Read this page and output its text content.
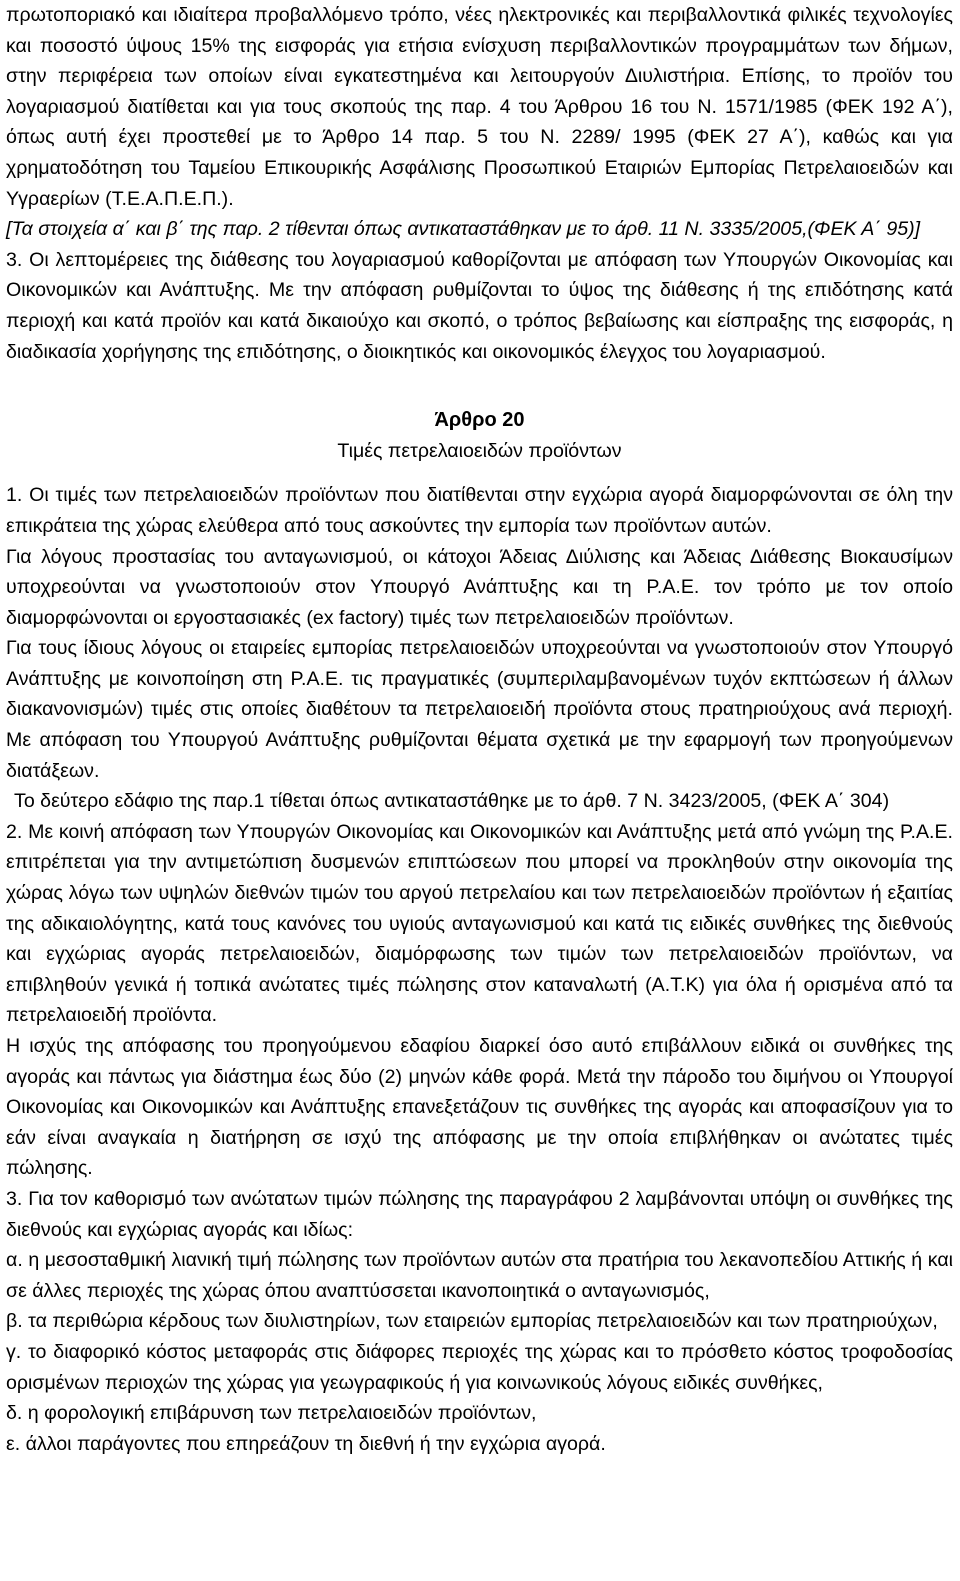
πρωτοποριακό και ιδιαίτερα προβαλλόμενο τρόπο, νέες ηλεκτρονικές και περιβαλλοντικά φιλικές τεχνολογίες και ποσοστό ύψους 15% της εισφοράς για ετήσια ενίσχυση περιβαλλοντικών προγραμμάτων των δήμων, στην περιφέρεια των οποίων είναι εγκατεστημένα και λειτουργούν Διυλιστήρια. Επίσης, το προϊόν του λογαριασμού διατίθεται και για τους σκοπούς της παρ. 4 του Άρθρου 16 του Ν. 1571/1985 (ΦΕΚ 192 Α΄), όπως αυτή έχει προστεθεί με το Άρθρο 14 παρ. 5 του Ν. 2289/ 1995 (ΦΕΚ 27 Α΄), καθώς και για χρηματοδότηση του Ταμείου Επικουρικής Ασφάλισης Προσωπικού Εταιριών Εμπορίας Πετρελαιοειδών και Υγραερίων (Τ.Ε.Α.Π.Ε.Π.).

[Τα στοιχεία α΄ και β΄ της παρ. 2 τίθενται όπως αντικαταστάθηκαν με το άρθ. 11 Ν. 3335/2005,(ΦΕΚ Α΄ 95)]

3. Οι λεπτομέρειες της διάθεσης του λογαριασμού καθορίζονται με απόφαση των Υπουργών Οικονομίας και Οικονομικών και Ανάπτυξης. Με την απόφαση ρυθμίζονται το ύψος της διάθεσης ή της επιδότησης κατά περιοχή και κατά προϊόν και κατά δικαιούχο και σκοπό, ο τρόπος βεβαίωσης και είσπραξης της εισφοράς, η διαδικασία χορήγησης της επιδότησης, ο διοικητικός και οικονομικός έλεγχος του λογαριασμού.

Άρθρο 20

Τιμές πετρελαιοειδών προϊόντων

1. Οι τιμές των πετρελαιοειδών προϊόντων που διατίθενται στην εγχώρια αγορά διαμορφώνονται σε όλη την επικράτεια της χώρας ελεύθερα από τους ασκούντες την εμπορία των προϊόντων αυτών.

Για λόγους προστασίας του ανταγωνισμού, οι κάτοχοι Άδειας Διύλισης και Άδειας Διάθεσης Βιοκαυσίμων υποχρεούνται να γνωστοποιούν στον Υπουργό Ανάπτυξης και τη Ρ.Α.Ε. τον τρόπο με τον οποίο διαμορφώνονται οι εργοστασιακές (ex factory) τιμές των πετρελαιοειδών προϊόντων.

Για τους ίδιους λόγους οι εταιρείες εμπορίας πετρελαιοειδών υποχρεούνται να γνωστοποιούν στον Υπουργό Ανάπτυξης με κοινοποίηση στη Ρ.Α.Ε. τις πραγματικές (συμπεριλαμβανομένων τυχόν εκπτώσεων ή άλλων διακανονισμών) τιμές στις οποίες διαθέτουν τα πετρελαιοειδή προϊόντα στους πρατηριούχους ανά περιοχή. Με απόφαση του Υπουργού Ανάπτυξης ρυθμίζονται θέματα σχετικά με την εφαρμογή των προηγούμενων διατάξεων.

Το δεύτερο εδάφιο της παρ.1 τίθεται όπως αντικαταστάθηκε με το άρθ. 7 Ν. 3423/2005, (ΦΕΚ Α΄ 304)

2. Με κοινή απόφαση των Υπουργών Οικονομίας και Οικονομικών και Ανάπτυξης μετά από γνώμη της Ρ.Α.Ε. επιτρέπεται για την αντιμετώπιση δυσμενών επιπτώσεων που μπορεί να προκληθούν στην οικονομία της χώρας λόγω των υψηλών διεθνών τιμών του αργού πετρελαίου και των πετρελαιοειδών προϊόντων ή εξαιτίας της αδικαιολόγητης, κατά τους κανόνες του υγιούς ανταγωνισμού και κατά τις ειδικές συνθήκες της διεθνούς και εγχώριας αγοράς πετρελαιοειδών, διαμόρφωσης των τιμών των πετρελαιοειδών προϊόντων, να επιβληθούν γενικά ή τοπικά ανώτατες τιμές πώλησης στον καταναλωτή (Α.Τ.Κ) για όλα ή ορισμένα από τα πετρελαιοειδή προϊόντα.

Η ισχύς της απόφασης του προηγούμενου εδαφίου διαρκεί όσο αυτό επιβάλλουν ειδικά οι συνθήκες της αγοράς και πάντως για διάστημα έως δύο (2) μηνών κάθε φορά. Μετά την πάροδο του διμήνου οι Υπουργοί Οικονομίας και Οικονομικών και Ανάπτυξης επανεξετάζουν τις συνθήκες της αγοράς και αποφασίζουν για το εάν είναι αναγκαία η διατήρηση σε ισχύ της απόφασης με την οποία επιβλήθηκαν οι ανώτατες τιμές πώλησης.

3. Για τον καθορισμό των ανώτατων τιμών πώλησης της παραγράφου 2 λαμβάνονται υπόψη οι συνθήκες της διεθνούς και εγχώριας αγοράς και ιδίως:

α. η μεσοσταθμική λιανική τιμή πώλησης των προϊόντων αυτών στα πρατήρια του λεκανοπεδίου Αττικής ή και σε άλλες περιοχές της χώρας όπου αναπτύσσεται ικανοποιητικά ο ανταγωνισμός,

β. τα περιθώρια κέρδους των διυλιστηρίων, των εταιρειών εμπορίας πετρελαιοειδών και των πρατηριούχων,

γ. το διαφορικό κόστος μεταφοράς στις διάφορες περιοχές της χώρας και το πρόσθετο κόστος τροφοδοσίας ορισμένων περιοχών της χώρας για γεωγραφικούς ή για κοινωνικούς λόγους ειδικές συνθήκες,

δ. η φορολογική επιβάρυνση των πετρελαιοειδών προϊόντων,

ε. άλλοι παράγοντες που επηρεάζουν τη διεθνή ή την εγχώρια αγορά.
